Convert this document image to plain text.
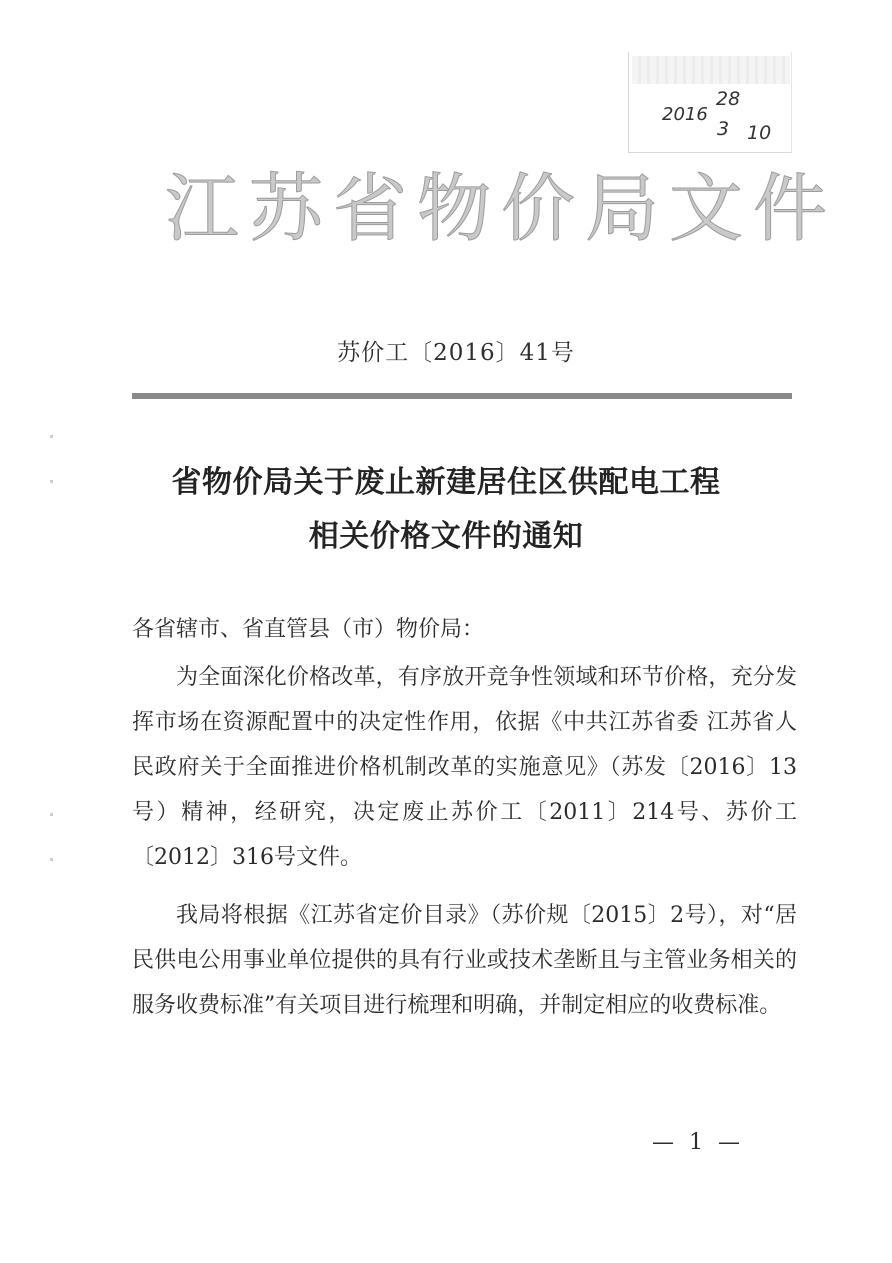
2016
28
3 10
江苏省物价局文件
苏价工〔2016〕41号
省物价局关于废止新建居住区供配电工程
相关价格文件的通知
各省辖市、省直管县（市）物价局：

为全面深化价格改革，有序放开竞争性领域和环节价格，充分发挥市场在资源配置中的决定性作用，依据《中共江苏省委 江苏省人民政府关于全面推进价格机制改革的实施意见》（苏发〔2016〕13号）精神，经研究，决定废止苏价工〔2011〕214号、苏价工〔2012〕316号文件。

我局将根据《江苏省定价目录》（苏价规〔2015〕2号），对“居民供电公用事业单位提供的具有行业或技术垄断且与主管业务相关的服务收费标准”有关项目进行梳理和明确，并制定相应的收费标准。

— 1 —
